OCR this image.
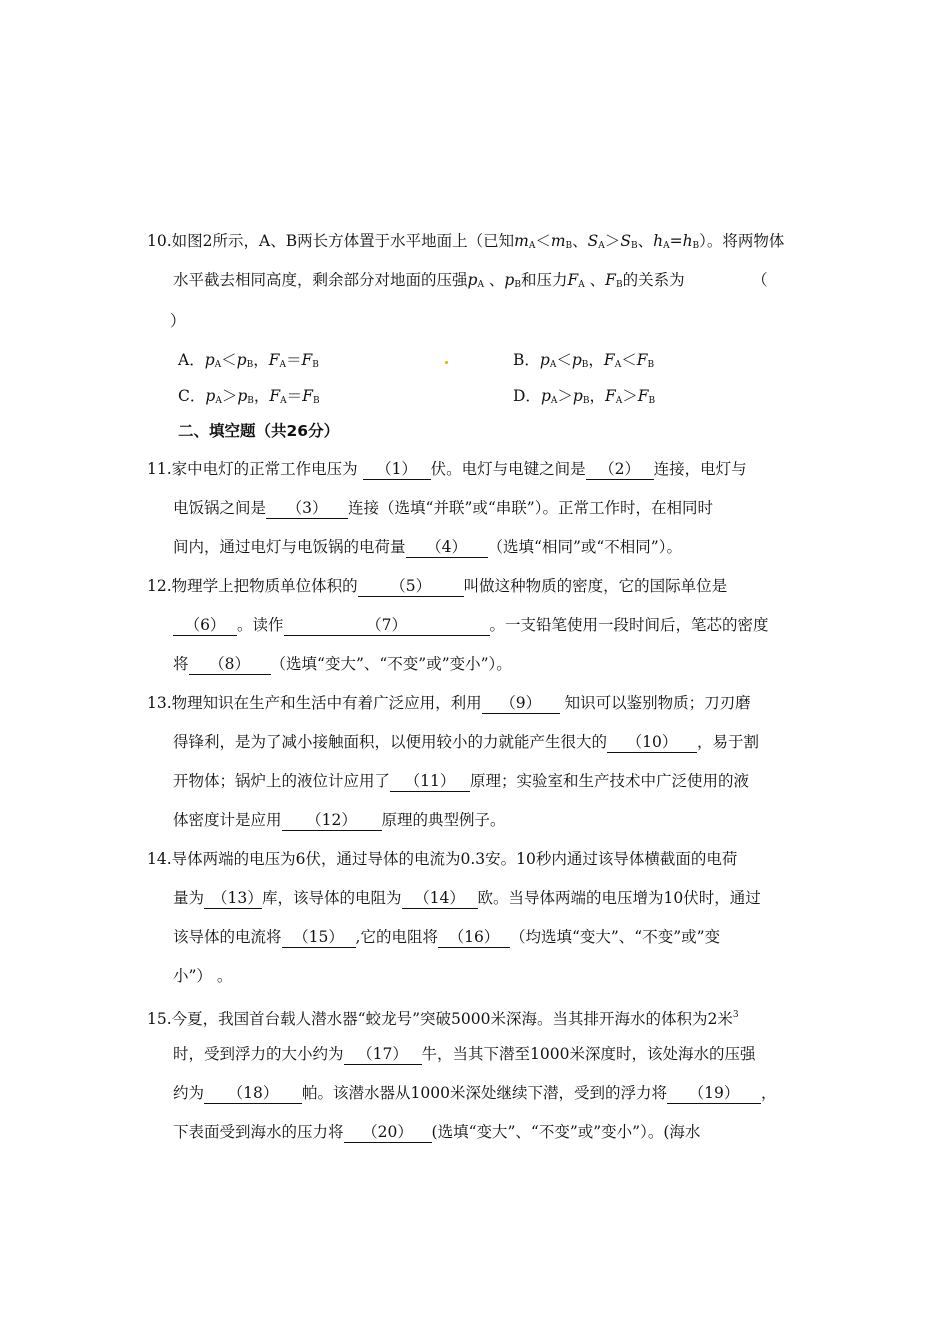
10.如图2所示，A、B两长方体置于水平地面上（已知$m_A<m_B$、$S_A>S_B$、$h_A=h_B$）。将两物体
水平截去相同高度，剩余部分对地面的压强$p_A$ 、$p_B$和压力$F_A$ 、$F_B$的关系为	（
）
A．$p_A<p_B$，$F_A=F_B$	B．$p_A<p_B$，$F_A<F_B$
C．$p_A>p_B$，$F_A=F_B$	D．$p_A>p_B$，$F_A>F_B$
二、填空题（共26分）
11.家中电灯的正常工作电压为 （1） 伏。电灯与电键之间是 （2） 连接，电灯与
电饭锅之间是 （3） 连接（选填“并联”或“串联”）。正常工作时，在相同时
间内，通过电灯与电饭锅的电荷量 （4） （选填“相同”或“不相同”）。
12.物理学上把物质单位体积的 （5） 叫做这种物质的密度，它的国际单位是
（6） 。读作	（7）	。一支铅笔使用一段时间后，笔芯的密度
将 （8） （选填“变大”、“不变”或”变小”）。
13.物理知识在生产和生活中有着广泛应用，利用 （9） 知识可以鉴别物质；刀刃磨
得锋利，是为了减小接触面积，以便用较小的力就能产生很大的 （10） ，易于割
开物体；锅炉上的液位计应用了 （11） 原理；实验室和生产技术中广泛使用的液
体密度计是应用 （12） 原理的典型例子。
14.导体两端的电压为6伏，通过导体的电流为0.3安。10秒内通过该导体横截面的电荷
量为 （13）库，该导体的电阻为 （14） 欧。当导体两端的电压增为10伏时，通过
该导体的电流将 （15） ,它的电阻将 （16） （均选填“变大”、“不变”或”变
小”） 。
15.今夏，我国首台载人潜水器“蛟龙号”突破5000米深海。当其排开海水的体积为2米$^3$
时，受到浮力的大小约为 （17） 牛，当其下潜至1000米深度时，该处海水的压强
约为 （18） 帕。该潜水器从1000米深处继续下潜，受到的浮力将 （19） ，
下表面受到海水的压力将 （20） (选填“变大”、“不变”或”变小”）。(海水
